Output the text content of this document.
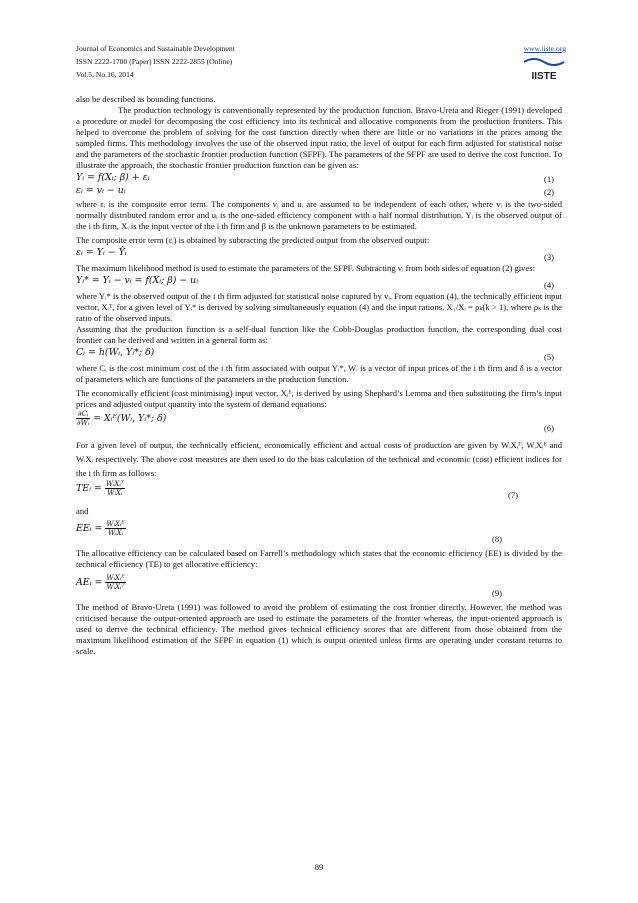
Journal of Economics and Sustainable Development
ISSN 2222-1700 (Paper) ISSN 2222-2855 (Online)
Vol.5, No.16, 2014
www.iiste.org
IISTE

also be described as bounding functions.

The production technology is conventionally represented by the production function. Bravo-Ureta and Rieger (1991) developed a procedure or model for decomposing the cost efficiency into its technical and allocative components from the production frontiers. This helped to overcome the problem of solving for the cost function directly when there are little or no variations in the prices among the sampled firms. This methodology involves the use of the observed input ratio, the level of output for each firm adjusted for statistical noise and the parameters of the stochastic frontier production function (SFPF). The parameters of the SFPF are used to derive the cost function. To illustrate the approach, the stochastic frontier production function can be given as:

Yᵢ = f(Xᵢ; β) + εᵢ	(1)
εᵢ = vᵢ − uᵢ	(2)

where εᵢ is the composite error term. The components vᵢ and uᵢ are assumed to be independent of each other, where vᵢ is the two-sided normally distributed random error and uᵢ is the one-sided efficiency component with a half normal distribution. Yᵢ is the observed output of the i th firm, Xᵢ is the input vector of the i th firm and β is the unknown parameters to be estimated.

The composite error term (εᵢ) is obtained by subtracting the predicted output from the observed output:

εᵢ = Yᵢ − Ŷᵢ	(3)

The maximum likelihood method is used to estimate the parameters of the SFPF. Subtracting vᵢ from both sides of equation (2) gives:

Yᵢ* = Yᵢ − vᵢ = f(Xᵢ; β) − uᵢ	(4)

where Yᵢ* is the observed output of the i th firm adjusted for statistical noise captured by vᵢ. From equation (4), the technically efficient input vector, Xᵢᵀ, for a given level of Yᵢ* is derived by solving simultaneously equation (4) and the input rations, X₁/Xᵢ = ρₖ(k > 1), where ρₖ is the ratio of the observed inputs.

Assuming that the production function is a self-dual function like the Cobb-Douglas production function, the corresponding dual cost frontier can be derived and written in a general form as:

Cᵢ = h(Wᵢ, Yᵢ*; δ)	(5)

where Cᵢ is the cost minimum cost of the i th firm associated with output Yᵢ*, Wᵢ is a vector of input prices of the i th firm and δ is a vector of parameters which are functions of the parameters in the production function.

The economically efficient (cost minimising) input vector, Xᵢᴱ, is derived by using Shephard’s Lemma and then substituting the firm’s input prices and adjusted output quantity into the system of demand equations:

$\frac{\text{∂Cᵢ}}{\text{∂Wᵢ}}$ = Xᵢᴱ(Wᵢ, Yᵢ*; δ)
(6)

For a given level of output, the technically efficient, economically efficient and actual costs of production are given by WᵢXᵢᵀ, WᵢXᵢᴱ and WᵢXᵢ respectively. The above cost measures are then used to do the bias calculation of the technical and economic (cost) efficient indices for the i th firm as follows:

TEᵢ = $\frac{\text{WᵢXᵢᵀ}}{\text{WᵢXᵢ}}$	(7)

and

EEᵢ = $\frac{\text{WᵢXᵢᴱ}}{\text{WᵢXᵢ}}$
(8)

The allocative efficiency can be calculated based on Farrell’s methodology which states that the economic efficiency (EE) is divided by the technical efficiency (TE) to get allocative efficiency:

AEᵢ = $\frac{\text{WᵢXᵢᴱ}}{\text{WᵢXᵢᵀ}}$
(9)

The method of Bravo-Ureta (1991) was followed to avoid the problem of estimating the cost frontier directly. However, the method was criticised because the output-oriented approach are used to estimate the parameters of the frontier whereas, the input-oriented approach is used to derive the technical efficiency. The method gives technical efficiency scores that are different from those obtained from the maximum likelihood estimation of the SFPF in equation (1) which is output oriented unless firms are operating under constant returns to scale.

89
